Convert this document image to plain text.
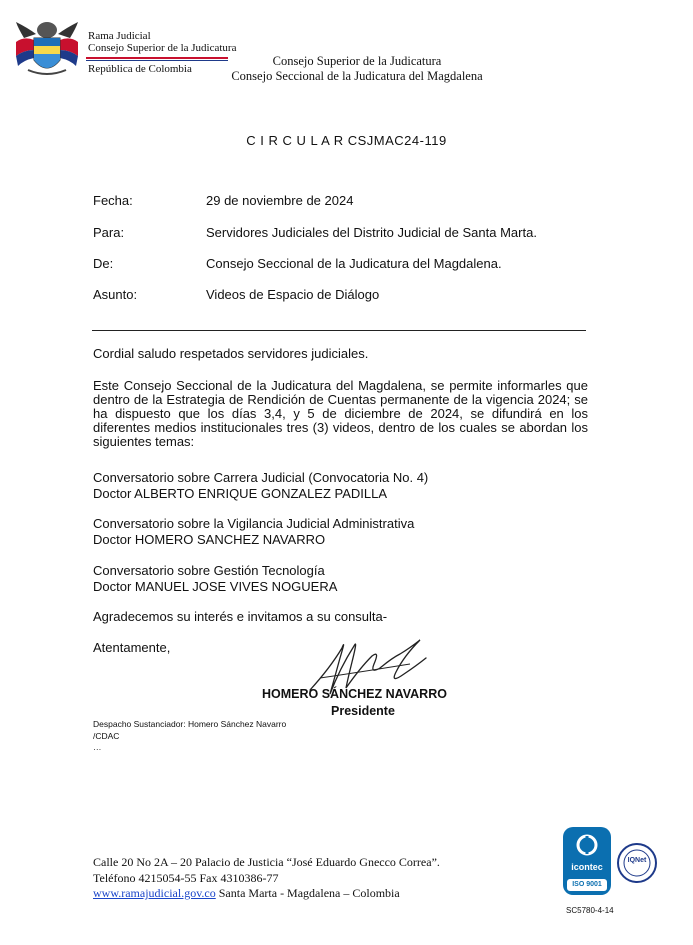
Rama Judicial
Consejo Superior de la Judicatura
República de Colombia
Consejo Superior de la Judicatura
Consejo Seccional de la Judicatura del Magdalena
C I R C U L A R CSJMAC24-119
Fecha:	29 de noviembre de 2024
Para:	Servidores Judiciales del Distrito Judicial de Santa Marta.
De:	Consejo Seccional de la Judicatura del Magdalena.
Asunto:	Videos de Espacio de Diálogo
Cordial saludo respetados servidores judiciales.
Este Consejo Seccional de la Judicatura del Magdalena, se permite informarles que dentro de la Estrategia de Rendición de Cuentas permanente de la vigencia 2024; se ha dispuesto que los días 3,4, y 5 de diciembre de 2024, se difundirá en los diferentes medios institucionales tres (3) videos, dentro de los cuales se abordan los siguientes temas:
Conversatorio sobre Carrera Judicial (Convocatoria No. 4)
Doctor ALBERTO ENRIQUE GONZALEZ PADILLA
Conversatorio sobre la Vigilancia Judicial Administrativa
Doctor HOMERO SANCHEZ NAVARRO
Conversatorio sobre Gestión Tecnología
Doctor MANUEL JOSE VIVES NOGUERA
Agradecemos su interés e invitamos a su consulta-
Atentamente,
HOMERO SÁNCHEZ NAVARRO
Presidente
Despacho Sustanciador: Homero Sánchez Navarro
/CDAC
…
Calle 20 No 2A – 20 Palacio de Justicia “José Eduardo Gnecco Correa”.
Teléfono 4215054-55 Fax 4310386-77
www.ramajudicial.gov.co Santa Marta - Magdalena – Colombia
icontec
ISO 9001
IQNet
SC5780-4-14
